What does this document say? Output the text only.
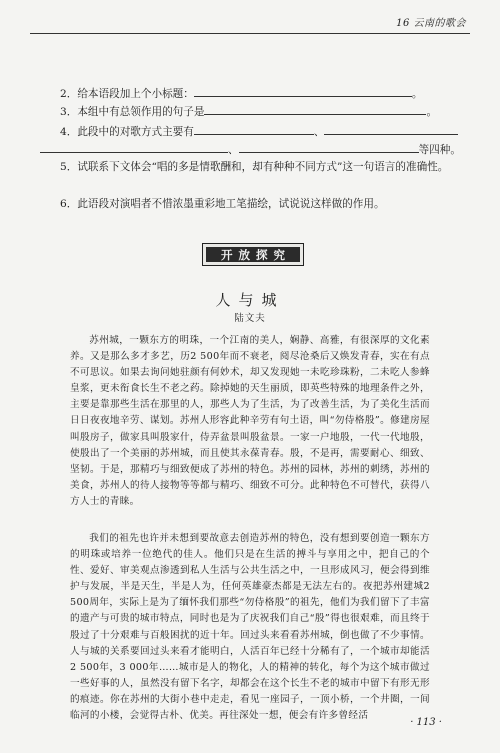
16 云南的歌会
2．给本语段加上个小标题：	。
3．本组中有总领作用的句子是	。
4．此段中的对歌方式主要有	、
、	等四种。
5．试联系下文体会“唱的多是情歌酬和，却有种种不同方式”这一句语言的准确性。
6．此语段对演唱者不惜浓墨重彩地工笔描绘，试说说这样做的作用。
开放探究
人与城
陆文夫
苏州城，一颗东方的明珠，一个江南的美人，娴静、高雅，有很深厚的文化素养。又是那么多才多艺，历2 500年而不衰老，阅尽沧桑后又焕发青春，实在有点不可思议。如果去询问她驻颜有何妙术，却又发现她一未吃珍珠粉，二未吃人参蜂皇浆，更未衔食长生不老之药。除掉她的天生丽质，即英些特殊的地理条件之外，主要是靠那些生活在那里的人，那些人为了生活，为了改善生活，为了美化生活而日日夜夜地辛劳、谋划。苏州人形容此种辛劳有句土语，叫“勿侍格殷”。修建房屋叫殷房子，做家具叫殷家什，侍弄盆景叫殷盆景。一家一户地殷，一代一代地殷，使殷出了一个美丽的苏州城，而且使其永葆青春。殷，不是再，需要耐心、细致、坚韧。于是，那精巧与细致便成了苏州的特色。苏州的园林，苏州的刺绣，苏州的美食，苏州人的待人接物等等都与精巧、细致不可分。此种特色不可替代，获得八方人士的青睐。
我们的祖先也许并未想到要故意去创造苏州的特色，没有想到要创造一颗东方的明珠或培养一位绝代的佳人。他们只是在生活的搏斗与享用之中，把自己的个性、爱好、审美观点渗透到私人生活与公共生活之中，一旦形成风习，便会得到维护与发展，半是天生，半是人为，任何英雄豪杰都是无法左右的。夜把苏州建城2 500周年，实际上是为了缅怀我们那些“勿侍格殷”的祖先，他们为我们留下了丰富的遗产与可贵的城市特点，同时也是为了庆祝我们自己“殷”得也很艰难，而且终于殷过了十分艰难与百般困扰的近十年。回过头来看看苏州城，倒也做了不少事情。人与城的关系要回过头来看才能明白，人活百年已经十分稀有了，一个城市却能活2 500年，3 000年……城市是人的物化，人的精神的转化，每个为这个城市做过一些好事的人，虽然没有留下名字，却都会在这个长生不老的城市中留下有形无形的痕迹。你在苏州的大街小巷中走走，看见一座园子，一顶小桥，一个井圈，一间临河的小楼，会觉得古朴、优美。再往深处一想，便会有许多曾经活
· 113 ·
